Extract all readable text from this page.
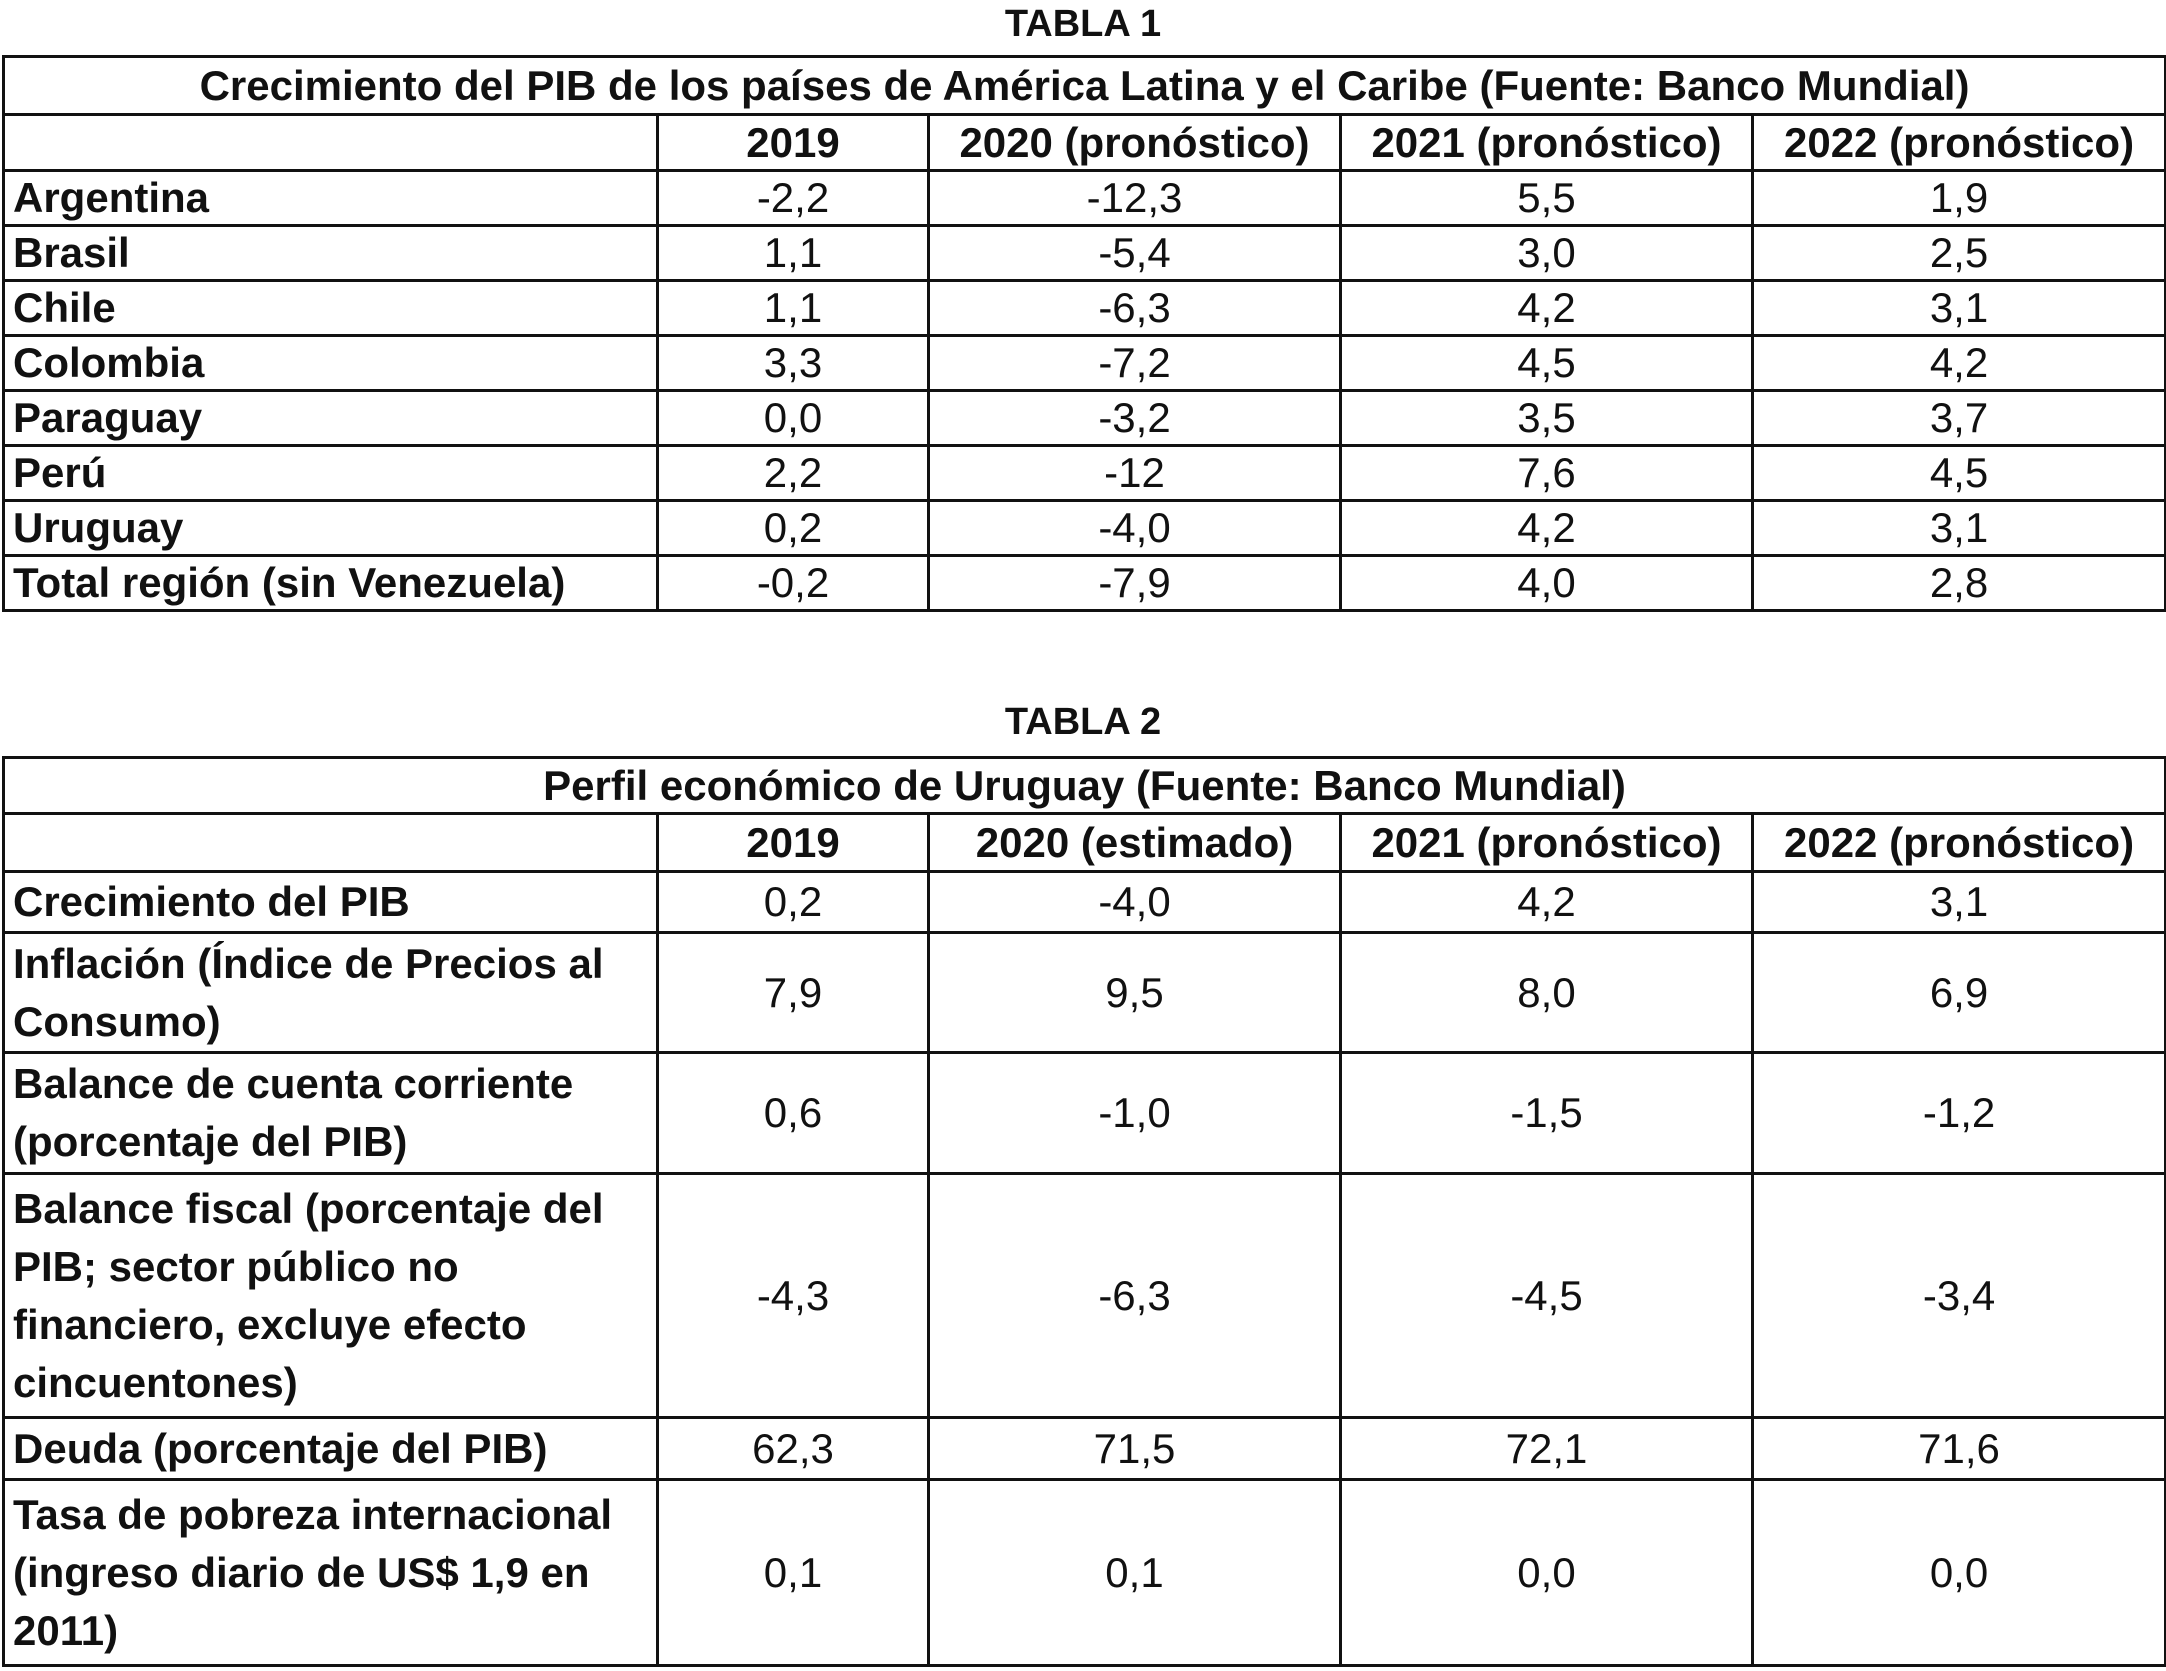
TABLA 1
Crecimiento del PIB de los países de América Latina y el Caribe (Fuente: Banco Mundial)				
	2019	2020 (pronóstico)	2021 (pronóstico)	2022 (pronóstico)
Argentina	-2,2	-12,3	5,5	1,9
Brasil	1,1	-5,4	3,0	2,5
Chile	1,1	-6,3	4,2	3,1
Colombia	3,3	-7,2	4,5	4,2
Paraguay	0,0	-3,2	3,5	3,7
Perú	2,2	-12	7,6	4,5
Uruguay	0,2	-4,0	4,2	3,1
Total región (sin Venezuela)	-0,2	-7,9	4,0	2,8
TABLA 2
Perfil económico de Uruguay (Fuente: Banco Mundial)				
	2019	2020 (estimado)	2021 (pronóstico)	2022 (pronóstico)
Crecimiento del PIB	0,2	-4,0	4,2	3,1
Inflación (Índice de Precios al Consumo)	7,9	9,5	8,0	6,9
Balance de cuenta corriente (porcentaje del PIB)	0,6	-1,0	-1,5	-1,2
Balance fiscal (porcentaje del PIB; sector público no financiero, excluye efecto cincuentones)	-4,3	-6,3	-4,5	-3,4
Deuda (porcentaje del PIB)	62,3	71,5	72,1	71,6
Tasa de pobreza internacional (ingreso diario de US$ 1,9 en 2011)	0,1	0,1	0,0	0,0
